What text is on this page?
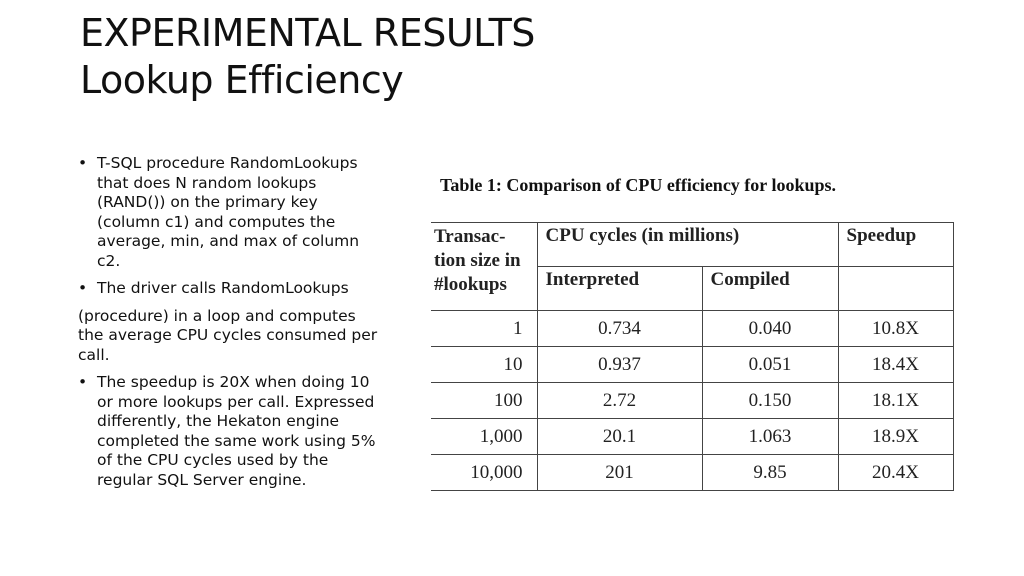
EXPERIMENTAL RESULTS
Lookup Efficiency
• T-SQL procedure RandomLookups that does N random lookups (RAND()) on the primary key (column c1) and computes the average, min, and max of column c2.
• The driver calls RandomLookups
(procedure) in a loop and computes the average CPU cycles consumed per call.
• The speedup is 20X when doing 10 or more lookups per call. Expressed differently, the Hekaton engine completed the same work using 5% of the CPU cycles used by the regular SQL Server engine.

Table 1: Comparison of CPU efficiency for lookups.

Transac-
tion size in
#lookups	CPU cycles (in millions)		Speedup
	Interpreted	Compiled	
1	0.734	0.040	10.8X
10	0.937	0.051	18.4X
100	2.72	0.150	18.1X
1,000	20.1	1.063	18.9X
10,000	201	9.85	20.4X
